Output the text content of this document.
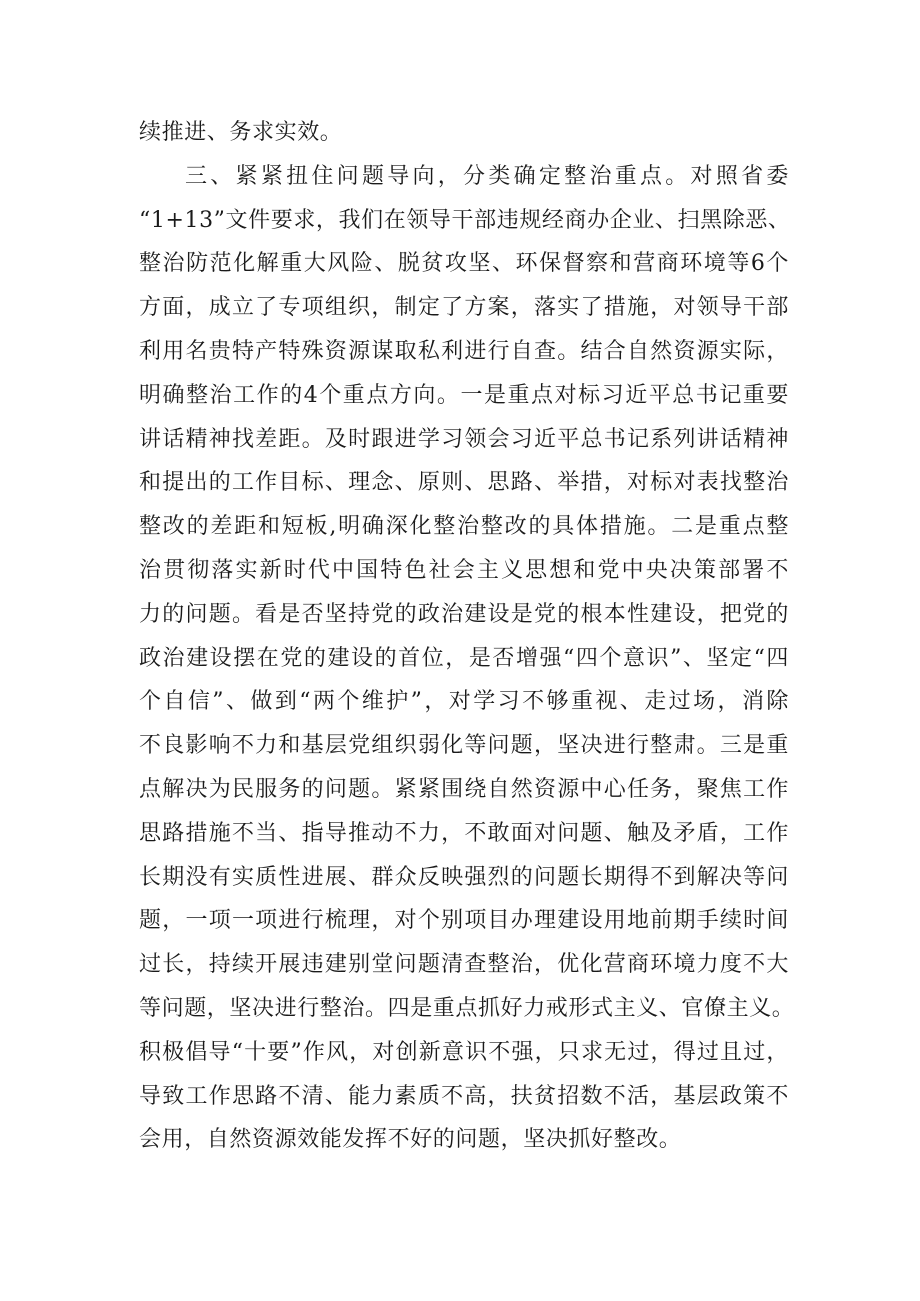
续推进、务求实效。
三、紧紧扭住问题导向，分类确定整治重点。对照省委
“1+13”文件要求，我们在领导干部违规经商办企业、扫黑除恶、
整治防范化解重大风险、脱贫攻坚、环保督察和营商环境等6个
方面，成立了专项组织，制定了方案，落实了措施，对领导干部
利用名贵特产特殊资源谋取私利进行自查。结合自然资源实际，
明确整治工作的4个重点方向。一是重点对标习近平总书记重要
讲话精神找差距。及时跟进学习领会习近平总书记系列讲话精神
和提出的工作目标、理念、原则、思路、举措，对标对表找整治
整改的差距和短板,明确深化整治整改的具体措施。二是重点整
治贯彻落实新时代中国特色社会主义思想和党中央决策部署不
力的问题。看是否坚持党的政治建设是党的根本性建设，把党的
政治建设摆在党的建设的首位，是否增强“四个意识”、坚定“四
个自信”、做到“两个维护”，对学习不够重视、走过场，消除
不良影响不力和基层党组织弱化等问题，坚决进行整肃。三是重
点解决为民服务的问题。紧紧围绕自然资源中心任务，聚焦工作
思路措施不当、指导推动不力，不敢面对问题、触及矛盾，工作
长期没有实质性进展、群众反映强烈的问题长期得不到解决等问
题，一项一项进行梳理，对个别项目办理建设用地前期手续时间
过长，持续开展违建别堂问题清查整治，优化营商环境力度不大
等问题，坚决进行整治。四是重点抓好力戒形式主义、官僚主义。
积极倡导“十要”作风，对创新意识不强，只求无过，得过且过，
导致工作思路不清、能力素质不高，扶贫招数不活，基层政策不
会用，自然资源效能发挥不好的问题，坚决抓好整改。
